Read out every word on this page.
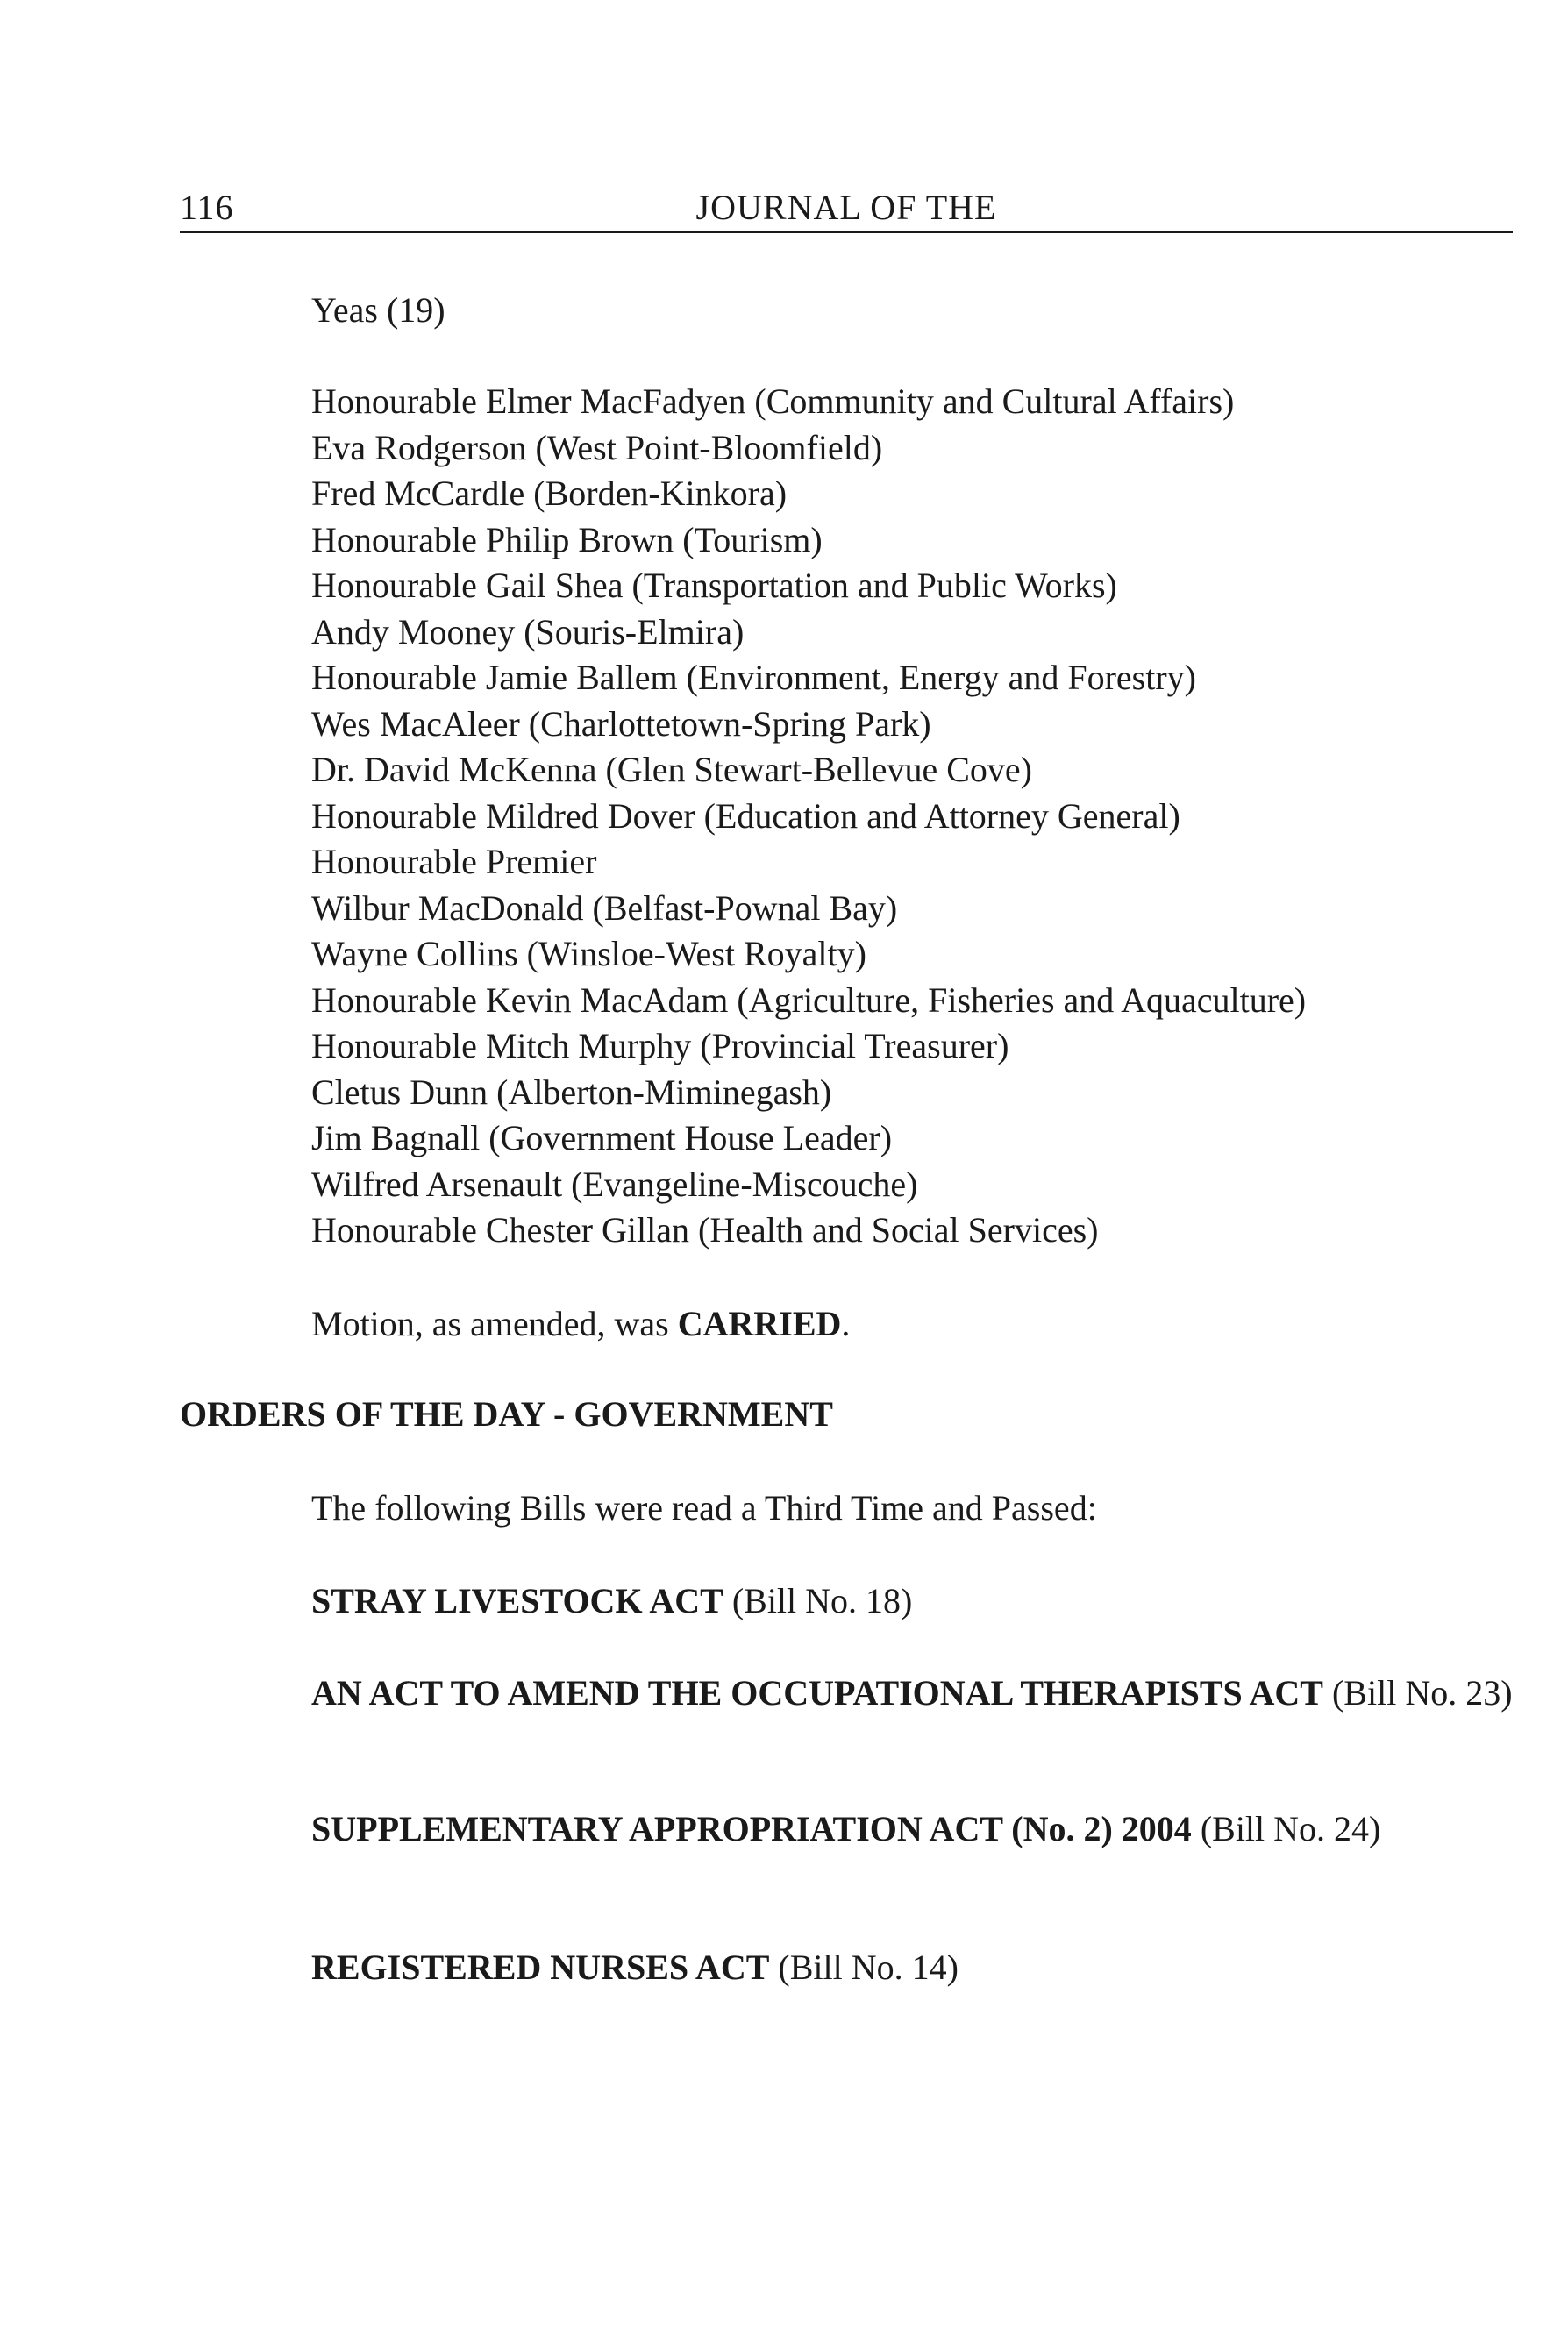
116	JOURNAL OF THE
Yeas (19)
Honourable Elmer MacFadyen (Community and Cultural Affairs)
Eva Rodgerson (West Point-Bloomfield)
Fred McCardle (Borden-Kinkora)
Honourable Philip Brown (Tourism)
Honourable Gail Shea (Transportation and Public Works)
Andy Mooney (Souris-Elmira)
Honourable Jamie Ballem (Environment, Energy and Forestry)
Wes MacAleer (Charlottetown-Spring Park)
Dr. David McKenna (Glen Stewart-Bellevue Cove)
Honourable Mildred Dover (Education and Attorney General)
Honourable Premier
Wilbur MacDonald (Belfast-Pownal Bay)
Wayne Collins (Winsloe-West Royalty)
Honourable Kevin MacAdam (Agriculture, Fisheries and Aquaculture)
Honourable Mitch Murphy (Provincial Treasurer)
Cletus Dunn (Alberton-Miminegash)
Jim Bagnall (Government House Leader)
Wilfred Arsenault (Evangeline-Miscouche)
Honourable Chester Gillan (Health and Social Services)
Motion, as amended, was CARRIED.
ORDERS OF THE DAY - GOVERNMENT
The following Bills were read a Third Time and Passed:
STRAY LIVESTOCK ACT (Bill No. 18)
AN ACT TO AMEND THE OCCUPATIONAL THERAPISTS ACT (Bill No. 23)
SUPPLEMENTARY APPROPRIATION ACT (No. 2) 2004 (Bill No. 24)
REGISTERED NURSES ACT (Bill No. 14)
